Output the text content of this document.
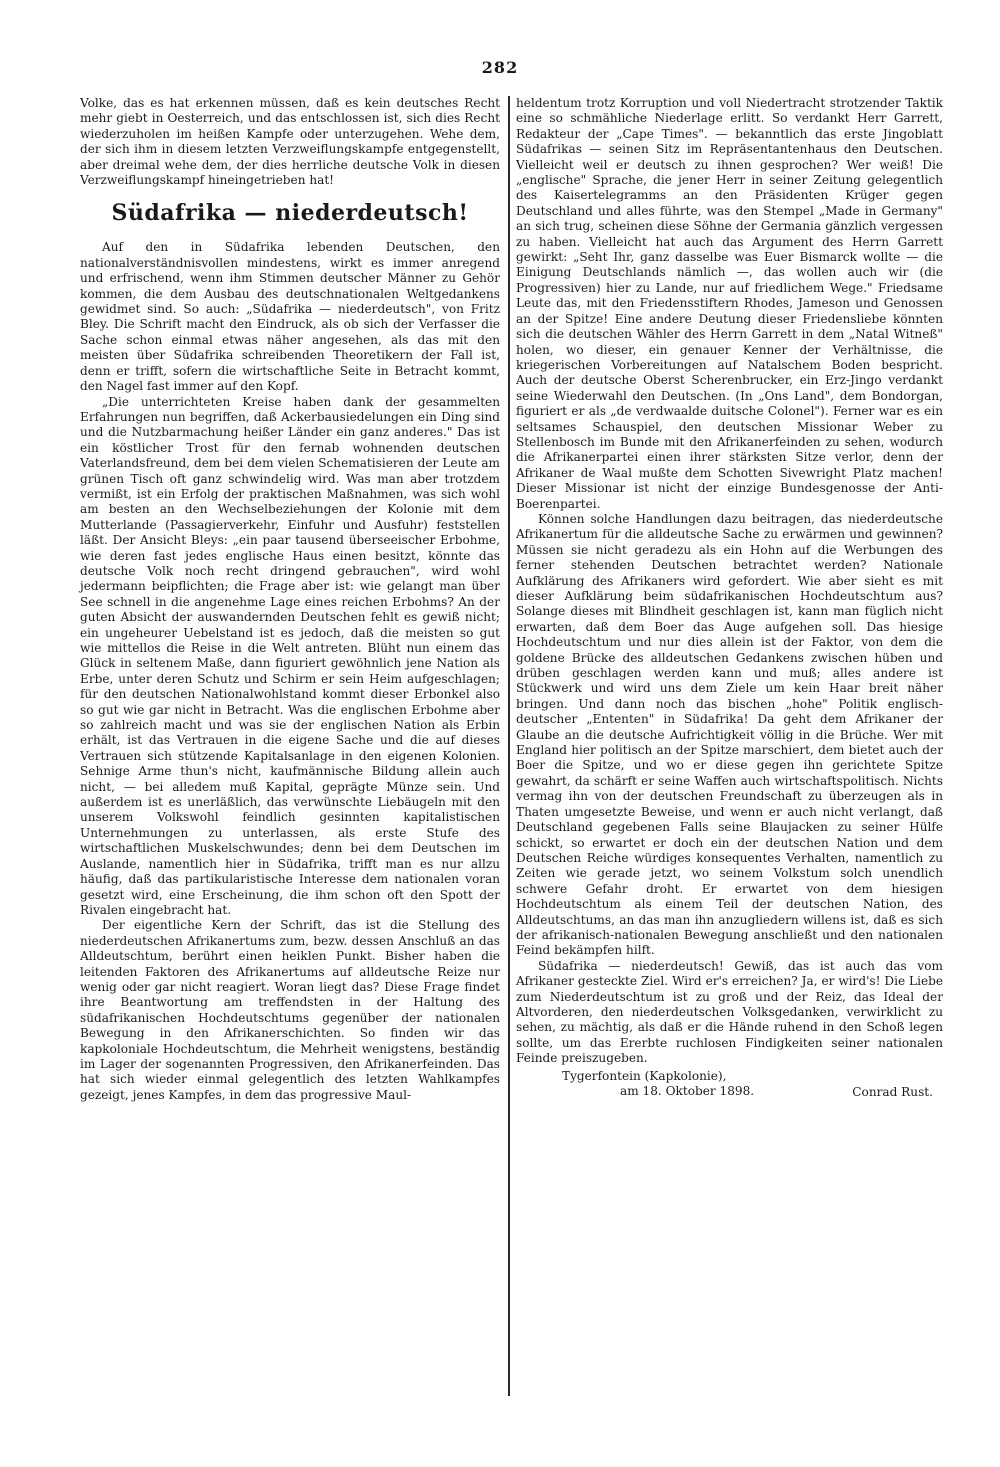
282

Volke, das es hat erkennen müssen, daß es kein deutsches Recht mehr giebt in Oesterreich, und das entschlossen ist, sich dies Recht wiederzuholen im heißen Kampfe oder unterzugehen. Wehe dem, der sich ihm in diesem letzten Verzweiflungskampfe entgegenstellt, aber dreimal wehe dem, der dies herrliche deutsche Volk in diesen Verzweiflungskampf hineingetrieben hat!

Südafrika — niederdeutsch!

Auf den in Südafrika lebenden Deutschen, den nationalverständnisvollen mindestens, wirkt es immer anregend und erfrischend, wenn ihm Stimmen deutscher Männer zu Gehör kommen, die dem Ausbau des deutschnationalen Weltgedankens gewidmet sind. So auch: „Südafrika — niederdeutsch", von Fritz Bley. Die Schrift macht den Eindruck, als ob sich der Verfasser die Sache schon einmal etwas näher angesehen, als das mit den meisten über Südafrika schreibenden Theoretikern der Fall ist, denn er trifft, sofern die wirtschaftliche Seite in Betracht kommt, den Nagel fast immer auf den Kopf.

„Die unterrichteten Kreise haben dank der gesammelten Erfahrungen nun begriffen, daß Ackerbausiedelungen ein Ding sind und die Nutzbarmachung heißer Länder ein ganz anderes." Das ist ein köstlicher Trost für den fernab wohnenden deutschen Vaterlandsfreund, dem bei dem vielen Schematisieren der Leute am grünen Tisch oft ganz schwindelig wird. Was man aber trotzdem vermißt, ist ein Erfolg der praktischen Maßnahmen, was sich wohl am besten an den Wechselbeziehungen der Kolonie mit dem Mutterlande (Passagierverkehr, Einfuhr und Ausfuhr) feststellen läßt. Der Ansicht Bleys: „ein paar tausend überseeischer Erbohme, wie deren fast jedes englische Haus einen besitzt, könnte das deutsche Volk noch recht dringend gebrauchen", wird wohl jedermann beipflichten; die Frage aber ist: wie gelangt man über See schnell in die angenehme Lage eines reichen Erbohms? An der guten Absicht der auswandernden Deutschen fehlt es gewiß nicht; ein ungeheurer Uebelstand ist es jedoch, daß die meisten so gut wie mittellos die Reise in die Welt antreten. Blüht nun einem das Glück in seltenem Maße, dann figuriert gewöhnlich jene Nation als Erbe, unter deren Schutz und Schirm er sein Heim aufgeschlagen; für den deutschen Nationalwohlstand kommt dieser Erbonkel also so gut wie gar nicht in Betracht. Was die englischen Erbohme aber so zahlreich macht und was sie der englischen Nation als Erbin erhält, ist das Vertrauen in die eigene Sache und die auf dieses Vertrauen sich stützende Kapitalsanlage in den eigenen Kolonien. Sehnige Arme thun's nicht, kaufmännische Bildung allein auch nicht, — bei alledem muß Kapital, geprägte Münze sein. Und außerdem ist es unerläßlich, das verwünschte Liebäugeln mit den unserem Volkswohl feindlich gesinnten kapitalistischen Unternehmungen zu unterlassen, als erste Stufe des wirtschaftlichen Muskelschwundes; denn bei dem Deutschen im Auslande, namentlich hier in Südafrika, trifft man es nur allzu häufig, daß das partikularistische Interesse dem nationalen voran gesetzt wird, eine Erscheinung, die ihm schon oft den Spott der Rivalen eingebracht hat.

Der eigentliche Kern der Schrift, das ist die Stellung des niederdeutschen Afrikanertums zum, bezw. dessen Anschluß an das Alldeutschtum, berührt einen heiklen Punkt. Bisher haben die leitenden Faktoren des Afrikanertums auf alldeutsche Reize nur wenig oder gar nicht reagiert. Woran liegt das? Diese Frage findet ihre Beantwortung am treffendsten in der Haltung des südafrikanischen Hochdeutschtums gegenüber der nationalen Bewegung in den Afrikanerschichten. So finden wir das kapkoloniale Hochdeutschtum, die Mehrheit wenigstens, beständig im Lager der sogenannten Progressiven, den Afrikanerfeinden. Das hat sich wieder einmal gelegentlich des letzten Wahlkampfes gezeigt, jenes Kampfes, in dem das progressive Maul-

heldentum trotz Korruption und voll Niedertracht strotzender Taktik eine so schmähliche Niederlage erlitt. So verdankt Herr Garrett, Redakteur der „Cape Times". — bekanntlich das erste Jingoblatt Südafrikas — seinen Sitz im Repräsentantenhaus den Deutschen. Vielleicht weil er deutsch zu ihnen gesprochen? Wer weiß! Die „englische" Sprache, die jener Herr in seiner Zeitung gelegentlich des Kaisertelegramms an den Präsidenten Krüger gegen Deutschland und alles führte, was den Stempel „Made in Germany" an sich trug, scheinen diese Söhne der Germania gänzlich vergessen zu haben. Vielleicht hat auch das Argument des Herrn Garrett gewirkt: „Seht Ihr, ganz dasselbe was Euer Bismarck wollte — die Einigung Deutschlands nämlich —, das wollen auch wir (die Progressiven) hier zu Lande, nur auf friedlichem Wege." Friedsame Leute das, mit den Friedensstiftern Rhodes, Jameson und Genossen an der Spitze! Eine andere Deutung dieser Friedensliebe könnten sich die deutschen Wähler des Herrn Garrett in dem „Natal Witneß" holen, wo dieser, ein genauer Kenner der Verhältnisse, die kriegerischen Vorbereitungen auf Natalschem Boden bespricht. Auch der deutsche Oberst Scherenbrucker, ein Erz-Jingo verdankt seine Wiederwahl den Deutschen. (In „Ons Land", dem Bondorgan, figuriert er als „de verdwaalde duitsche Colonel"). Ferner war es ein seltsames Schauspiel, den deutschen Missionar Weber zu Stellenbosch im Bunde mit den Afrikanerfeinden zu sehen, wodurch die Afrikanerpartei einen ihrer stärksten Sitze verlor, denn der Afrikaner de Waal mußte dem Schotten Sivewright Platz machen! Dieser Missionar ist nicht der einzige Bundesgenosse der Anti-Boerenpartei.

Können solche Handlungen dazu beitragen, das niederdeutsche Afrikanertum für die alldeutsche Sache zu erwärmen und gewinnen? Müssen sie nicht geradezu als ein Hohn auf die Werbungen des ferner stehenden Deutschen betrachtet werden? Nationale Aufklärung des Afrikaners wird gefordert. Wie aber sieht es mit dieser Aufklärung beim südafrikanischen Hochdeutschtum aus? Solange dieses mit Blindheit geschlagen ist, kann man füglich nicht erwarten, daß dem Boer das Auge aufgehen soll. Das hiesige Hochdeutschtum und nur dies allein ist der Faktor, von dem die goldene Brücke des alldeutschen Gedankens zwischen hüben und drüben geschlagen werden kann und muß; alles andere ist Stückwerk und wird uns dem Ziele um kein Haar breit näher bringen. Und dann noch das bischen „hohe" Politik englisch-deutscher „Ententen" in Südafrika! Da geht dem Afrikaner der Glaube an die deutsche Aufrichtigkeit völlig in die Brüche. Wer mit England hier politisch an der Spitze marschiert, dem bietet auch der Boer die Spitze, und wo er diese gegen ihn gerichtete Spitze gewahrt, da schärft er seine Waffen auch wirtschaftspolitisch. Nichts vermag ihn von der deutschen Freundschaft zu überzeugen als in Thaten umgesetzte Beweise, und wenn er auch nicht verlangt, daß Deutschland gegebenen Falls seine Blaujacken zu seiner Hülfe schickt, so erwartet er doch ein der deutschen Nation und dem Deutschen Reiche würdiges konsequentes Verhalten, namentlich zu Zeiten wie gerade jetzt, wo seinem Volkstum solch unendlich schwere Gefahr droht. Er erwartet von dem hiesigen Hochdeutschtum als einem Teil der deutschen Nation, des Alldeutschtums, an das man ihn anzugliedern willens ist, daß es sich der afrikanisch-nationalen Bewegung anschließt und den nationalen Feind bekämpfen hilft.

Südafrika — niederdeutsch! Gewiß, das ist auch das vom Afrikaner gesteckte Ziel. Wird er's erreichen? Ja, er wird's! Die Liebe zum Niederdeutschtum ist zu groß und der Reiz, das Ideal der Altvorderen, den niederdeutschen Volksgedanken, verwirklicht zu sehen, zu mächtig, als daß er die Hände ruhend in den Schoß legen sollte, um das Ererbte ruchlosen Findigkeiten seiner nationalen Feinde preiszugeben.

Tygerfontein (Kapkolonie),
am 18. Oktober 1898.	Conrad Rust.
